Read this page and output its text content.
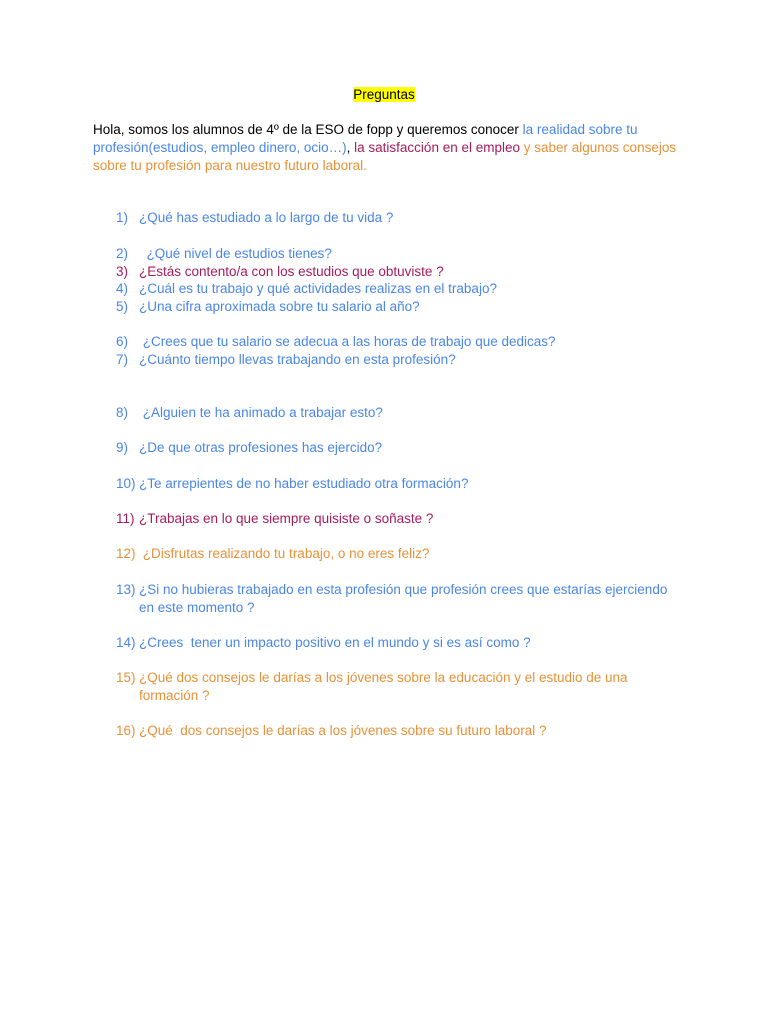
Preguntas
Hola, somos los alumnos de 4º de la ESO de fopp y queremos conocer la realidad sobre tu profesión(estudios, empleo dinero, ocio…), la satisfacción en el empleo y saber algunos consejos sobre tu profesión para nuestro futuro laboral.
1) ¿Qué has estudiado a lo largo de tu vida ?
2)  ¿Qué nivel de estudios tienes?
3) ¿Estás contento/a con los estudios que obtuviste ?
4) ¿Cuál es tu trabajo y qué actividades realizas en el trabajo?
5) ¿Una cifra aproximada sobre tu salario al año?
6) ¿Crees que tu salario se adecua a las horas de trabajo que dedicas?
7) ¿Cuánto tiempo llevas trabajando en esta profesión?
8) ¿Alguien te ha animado a trabajar esto?
9) ¿De que otras profesiones has ejercido?
10) ¿Te arrepientes de no haber estudiado otra formación?
11) ¿Trabajas en lo que siempre quisiste o soñaste ?
12) ¿Disfrutas realizando tu trabajo, o no eres feliz?
13) ¿Si no hubieras trabajado en esta profesión que profesión crees que estarías ejerciendo en este momento ?
14) ¿Crees  tener un impacto positivo en el mundo y si es así como ?
15) ¿Qué dos consejos le darías a los jóvenes sobre la educación y el estudio de una formación ?
16) ¿Qué  dos consejos le darías a los jóvenes sobre su futuro laboral ?
